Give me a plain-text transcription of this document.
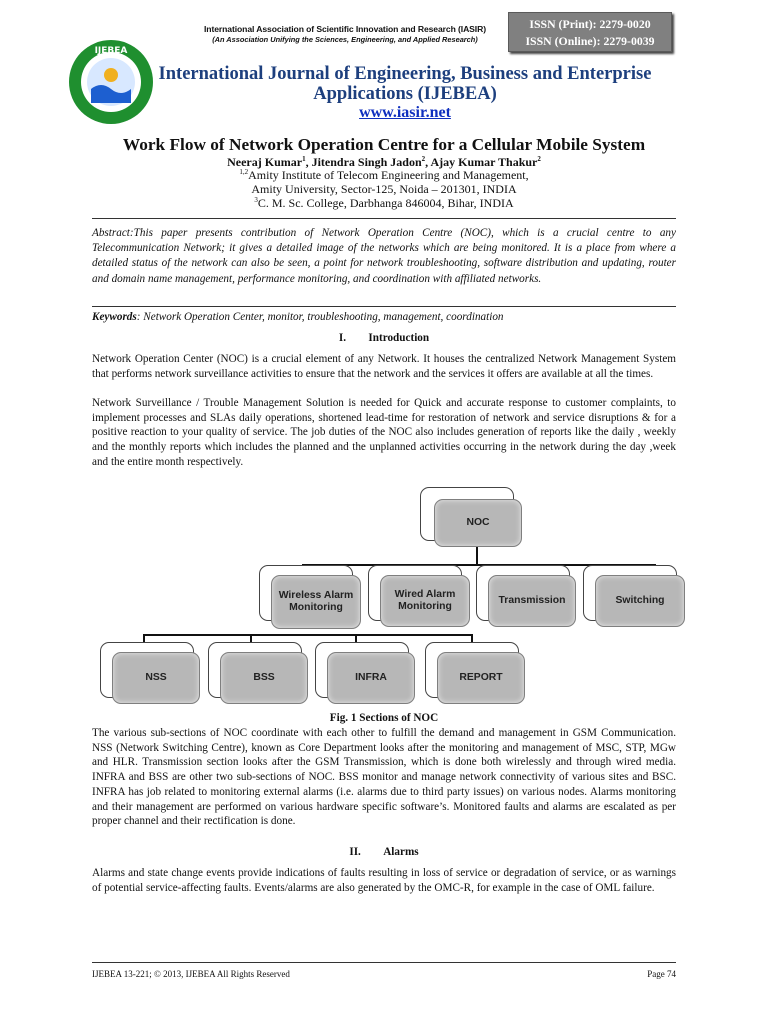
IJEBEA
International Association of Scientific Innovation and Research (IASIR)
(An Association Unifying the Sciences, Engineering, and Applied Research)
ISSN (Print): 2279-0020
ISSN (Online): 2279-0039
International Journal of Engineering, Business and Enterprise Applications (IJEBEA)
www.iasir.net
Work Flow of Network Operation Centre for a Cellular Mobile System
Neeraj Kumar$^1$, Jitendra Singh Jadon$^2$, Ajay Kumar Thakur$^2$
$^{1,2}$Amity Institute of Telecom Engineering and Management,
Amity University, Sector-125, Noida – 201301, INDIA
$^3$C. M. Sc. College, Darbhanga 846004, Bihar, INDIA
Abstract:This paper presents contribution of Network Operation Centre (NOC), which is a crucial centre to any Telecommunication Network; it gives a detailed image of the networks which are being monitored. It is a place from where a detailed status of the network can also be seen, a point for network troubleshooting, software distribution and updating, router and domain name management, performance monitoring, and coordination with affiliated networks.
Keywords: Network Operation Center, monitor, troubleshooting, management, coordination
I.  Introduction
Network Operation Center (NOC) is a crucial element of any Network. It houses the centralized Network Management System that performs network surveillance activities to ensure that the network and the services it offers are available at all the times.
Network Surveillance / Trouble Management Solution is needed for Quick and accurate response to customer complaints, to implement processes and SLAs daily operations, shortened lead-time for restoration of network and service disruptions & for a positive reaction to your quality of service. The job duties of the NOC also includes generation of reports like the daily , weekly and the monthly reports which includes the planned and the unplanned activities occurring in the network during the day ,week and the entire month respectively.
NOC
Wireless Alarm Monitoring
Wired Alarm Monitoring
Transmission	Switching
NSS	BSS	INFRA	REPORT
Fig. 1 Sections of NOC
The various sub-sections of NOC coordinate with each other to fulfill the demand and management in GSM Communication. NSS (Network Switching Centre), known as Core Department looks after the monitoring and management of MSC, STP, MGw and HLR. Transmission section looks after the GSM Transmission, which is done both wirelessly and through wired media. INFRA and BSS are other two sub-sections of NOC. BSS monitor and manage network connectivity of various sites and BSC. INFRA has job related to monitoring external alarms (i.e. alarms due to third party issues) on various nodes. Alarms monitoring and their management are performed on various hardware specific software’s. Monitored faults and alarms are escalated as per proper channel and their rectification is done.
II.  Alarms
Alarms and state change events provide indications of faults resulting in loss of service or degradation of service, or as warnings of potential service-affecting faults. Events/alarms are also generated by the OMC-R, for example in the case of OML failure.
IJEBEA 13-221; © 2013, IJEBEA All Rights Reserved	Page 74
